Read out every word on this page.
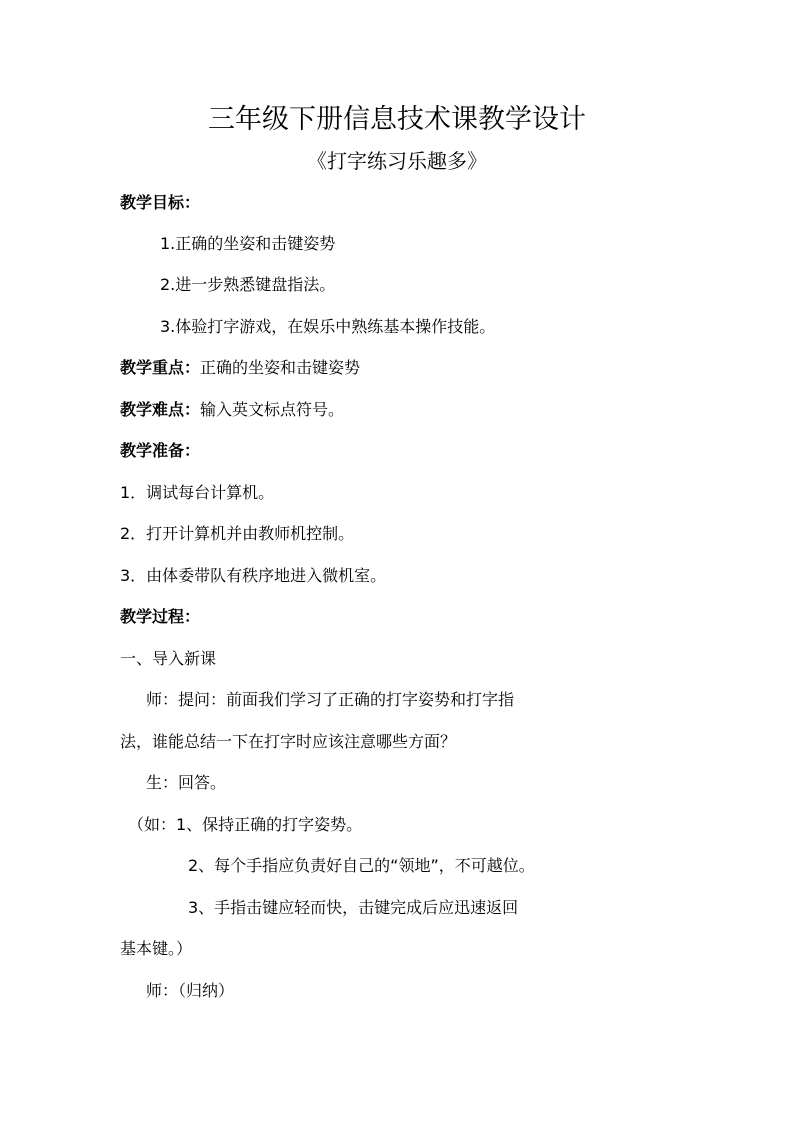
三年级下册信息技术课教学设计
《打字练习乐趣多》
教学目标：
1.正确的坐姿和击键姿势
2.进一步熟悉键盘指法。
3.体验打字游戏，在娱乐中熟练基本操作技能。
教学重点：正确的坐姿和击键姿势
教学难点：输入英文标点符号。
教学准备：
1．调试每台计算机。
2．打开计算机并由教师机控制。
3．由体委带队有秩序地进入微机室。
教学过程：
一、导入新课
师：提问：前面我们学习了正确的打字姿势和打字指
法，谁能总结一下在打字时应该注意哪些方面？
生：回答。
（如：1、保持正确的打字姿势。
2、每个手指应负责好自己的“领地”，不可越位。
3、手指击键应轻而快，击键完成后应迅速返回
基本键。）
师：（归纳）
